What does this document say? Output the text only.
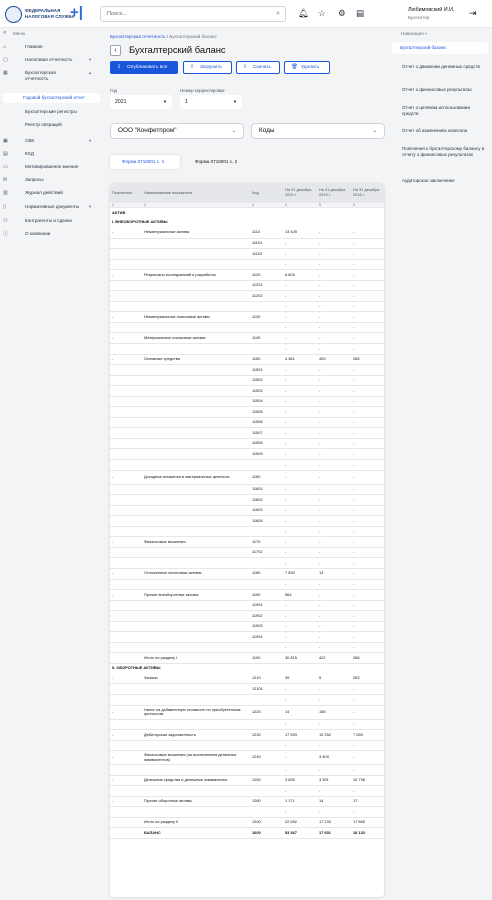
ФЕДЕРАЛЬНАЯ
НАЛОГОВАЯ СЛУЖБА
+|	Поиск...	⌕ 🔔︎ ☆ ⚙ ▤	Любимовский И.И.
Бухгалтер	⇥
« Меню
⌂	Главная
▢	Налоговая отчетность	▾
▦	Бухгалтерская	▴
отчетность
Годовой бухгалтерский отчет
Бухгалтерские регистры
Реестр операций
▣	СВК	▾
▤	КХД
▭	Мотивированное мнение
✉	Запросы
▥	Журнал действий
▯	Нормативные документы ▾
⚇	Контрагенты и сделки
ⓘ	О компании
Бухгалтерская отчетность / Бухгалтерский баланс
‹	Бухгалтерский баланс
⇪ Опубликовать все	⇧ Загрузить	⇩ Скачать	🗑︎ Удалить
Год
2021	▼
Номер корректировки
1	▼
ООО "Конфетпром"	⌄	Коды	⌄
Форма 0710001 с. 1	Форма 0710001 с. 2
Пояснения	Наименование показателя	Код	На 31 декабря 2020 г.	На 31 декабря 2019 г.	На 31 декабря 2018 г.
1	2	3	4	5	6
АКТИВ					
I. ВНЕОБОРОТНЫЕ АКТИВЫ					
-	Нематериальные активы	1110	13 425	-	-
		11101	-	-	-
		11102	-	-	-
			-	-	-
-	Результаты исследований и разработок	1120	8 625	-	-
		11201	-	-	-
		11202	-	-	-
			-	-	-
-	Нематериальные поисковые активы	1130	-	-	-
			-	-	-
-	Материальные поисковые активы	1140	-	-	-
			-	-	-
-	Основные средства	1150	4 361	409	268
		11501	-	-	-
		11502	-	-	-
		11503	-	-	-
		11504	-	-	-
		11505	-	-	-
		11506	-	-	-
		11507	-	-	-
		11508	-	-	-
		11509	-	-	-
			-	-	-
-	Доходные вложения в материальные ценности	1160	-	-	-
		11601	-	-	-
		11602	-	-	-
		11603	-	-	-
		11604	-	-	-
			-	-	-
-	Финансовые вложения	1170	-	-	-
		11701	-	-	-
			-	-	-
-	Отложенные налоговые активы	1180	7 830	13	-
			-	-	-
-	Прочие внеоборотные активы	1190	564	-	-
		11901	-	-	-
		11902	-	-	-
		11903	-	-	-
		11904	-	-	-
			-	-	-
	Итого по разделу I	1100	30 815	422	268
II. ОБОРОТНЫЕ АКТИВЫ					
-	Запасы	1210	39	5	263
		12101	-	-	-
			-	-	-
-	Налог на добавленную стоимость по приобретенным ценностям	1220	14	158	-
			-	-	-
-	Дебиторская задолженность	1230	17 593	10 252	7 055
			-	-	-
-	Финансовые вложения (за исключением денежных эквивалентов)	1240	-	3 409	-
			-	-	-
-	Денежные средства и денежные эквиваленты	1250	3 835	3 391	10 798
			-	-	-
-	Прочие оборотные активы	1260	1 171	14	17
			-	-	-
	Итого по разделу II	1200	22 652	17 233	17 865
	БАЛАНС	1600	53 367	17 651	18 133
Навигация »
Бухгалтерский баланс
Отчет о движении денежных средств
Отчет о финансовых результатах
Отчет о целевом использовании средств
Отчет об изменениях капитала
Пояснения к бухгалтерскому балансу и отчету о финансовых результатах
Аудиторское заключение
